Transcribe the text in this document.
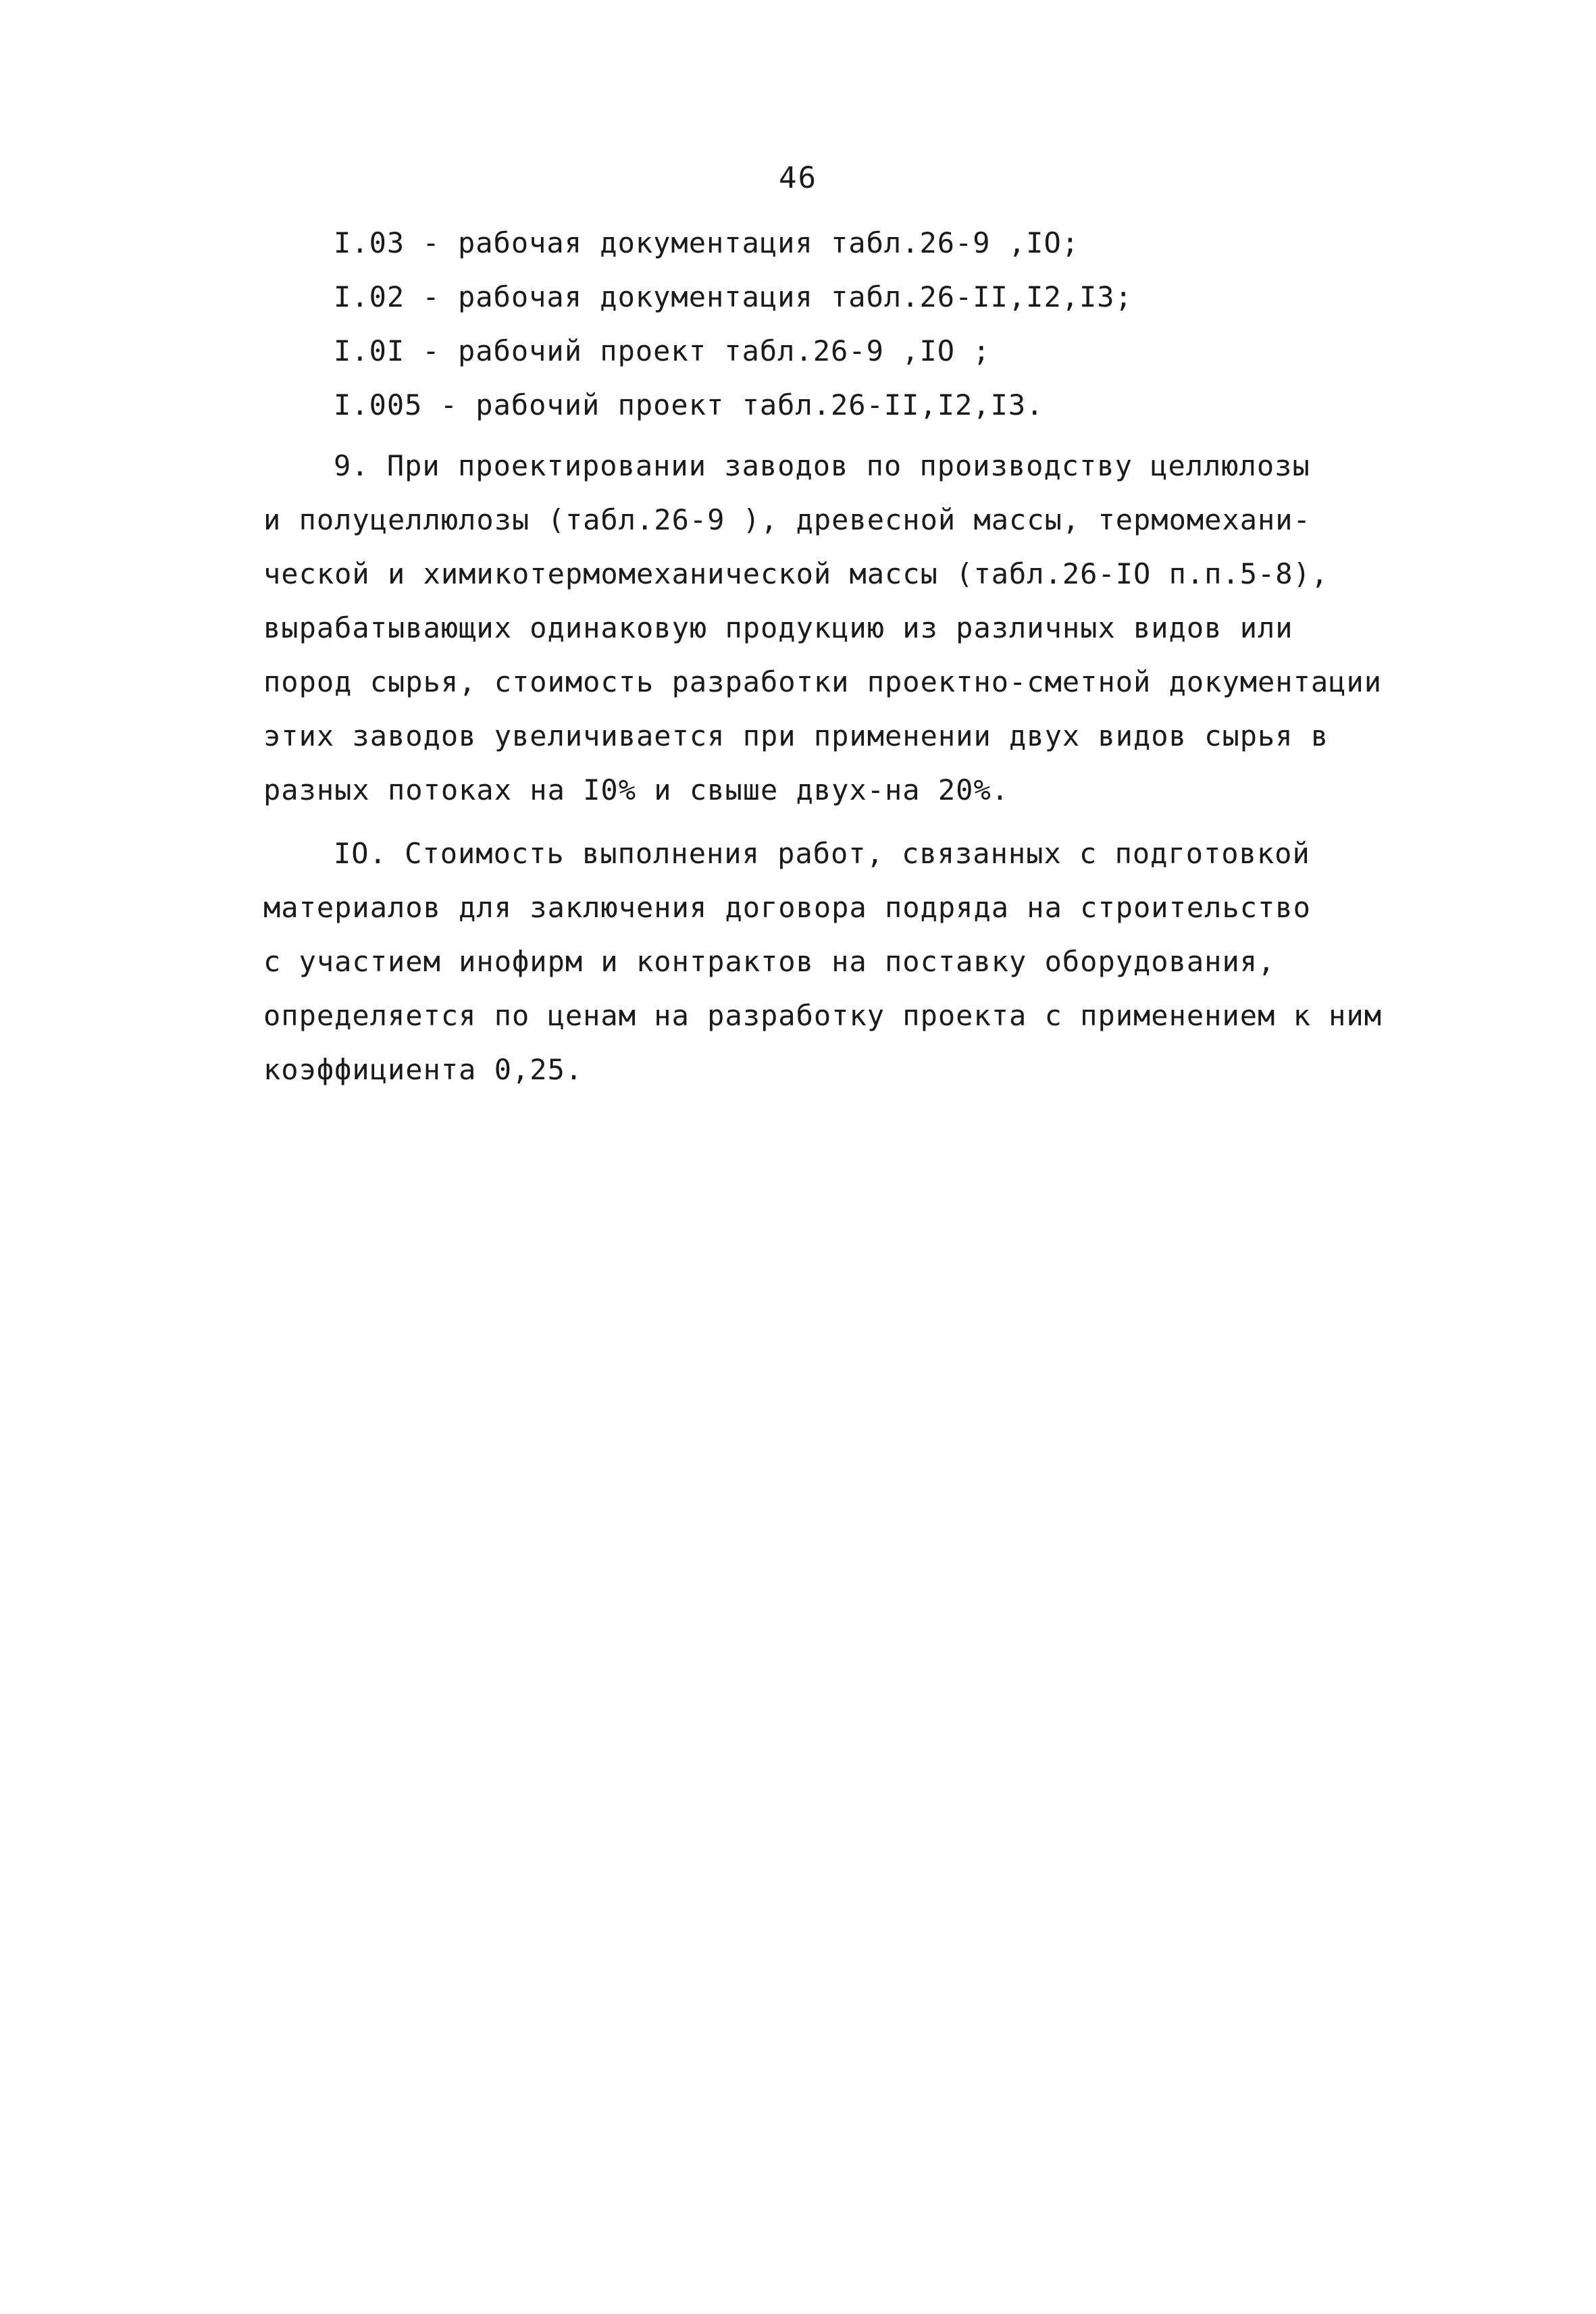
46
I.03 - рабочая документация табл.26-9 ,IO;
I.02 - рабочая документация табл.26-II,I2,I3;
I.0I - рабочий проект табл.26-9 ,IO ;
I.005 - рабочий проект табл.26-II,I2,I3.
9. При проектировании заводов по производству целлюлозы
и полуцеллюлозы (табл.26-9 ), древесной массы, термомехани-
ческой и химикотермомеханической массы (табл.26-IO п.п.5-8),
вырабатывающих одинаковую продукцию из различных видов или
пород сырья, стоимость разработки проектно-сметной документации
этих заводов увеличивается при применении двух видов сырья в
разных потоках на I0% и свыше двух-на 20%.
IO. Стоимость выполнения работ, связанных с подготовкой
материалов для заключения договора подряда на строительство
с участием инофирм и контрактов на поставку оборудования,
определяется по ценам на разработку проекта с применением к ним
коэффициента 0,25.
